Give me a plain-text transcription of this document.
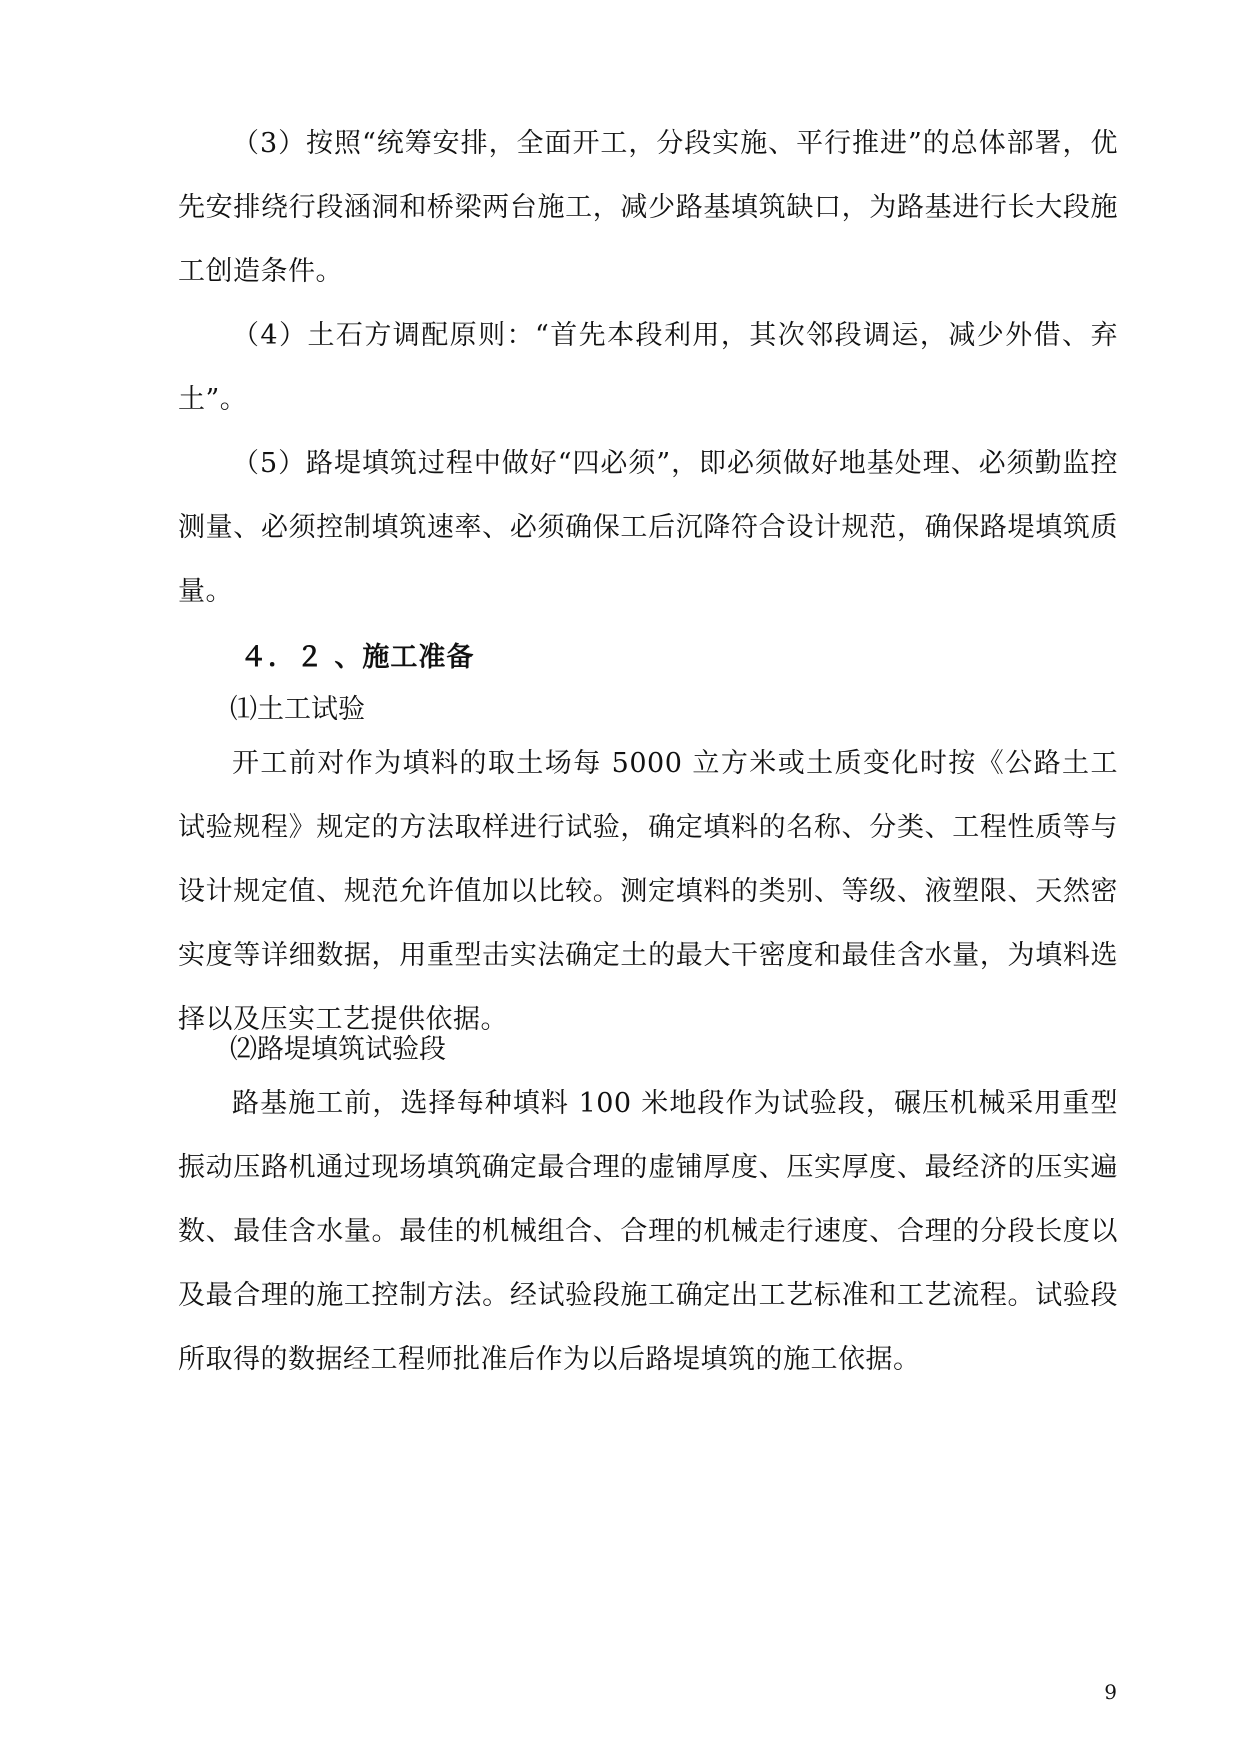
（3）按照“统筹安排，全面开工，分段实施、平行推进”的总体部署，优先安排绕行段涵洞和桥梁两台施工，减少路基填筑缺口，为路基进行长大段施工创造条件。

（4）土石方调配原则：“首先本段利用，其次邻段调运，减少外借、弃土”。

（5）路堤填筑过程中做好“四必须”，即必须做好地基处理、必须勤监控测量、必须控制填筑速率、必须确保工后沉降符合设计规范，确保路堤填筑质量。

４．２ 、施工准备

⑴土工试验

开工前对作为填料的取土场每 5000 立方米或土质变化时按《公路土工试验规程》规定的方法取样进行试验，确定填料的名称、分类、工程性质等与设计规定值、规范允许值加以比较。测定填料的类别、等级、液塑限、天然密实度等详细数据，用重型击实法确定土的最大干密度和最佳含水量，为填料选择以及压实工艺提供依据。

⑵路堤填筑试验段

路基施工前，选择每种填料 100 米地段作为试验段，碾压机械采用重型振动压路机通过现场填筑确定最合理的虚铺厚度、压实厚度、最经济的压实遍数、最佳含水量。最佳的机械组合、合理的机械走行速度、合理的分段长度以及最合理的施工控制方法。经试验段施工确定出工艺标准和工艺流程。试验段所取得的数据经工程师批准后作为以后路堤填筑的施工依据。

9
